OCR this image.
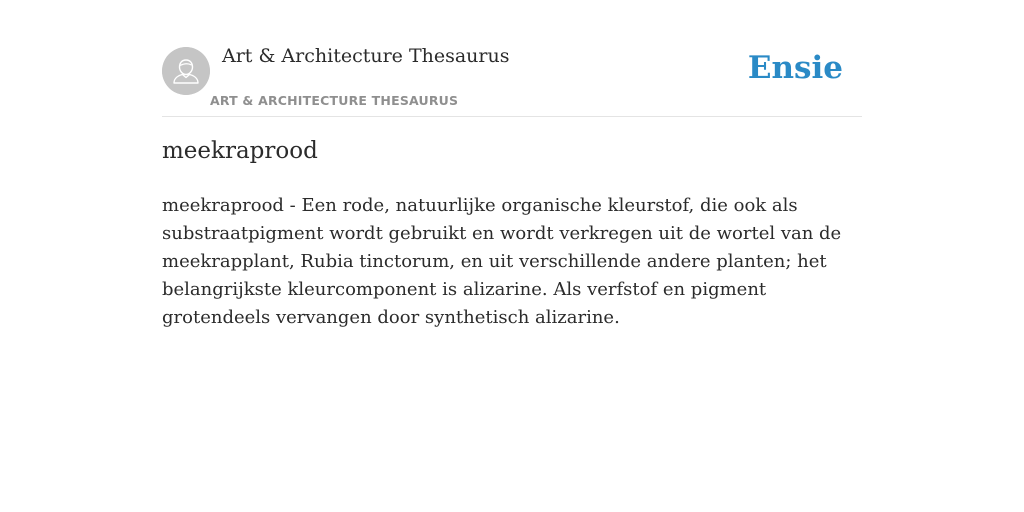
Art & Architecture Thesaurus
ART & ARCHITECTURE THESAURUS
Ensie
meekraprood

meekraprood - Een rode, natuurlijke organische kleurstof, die ook als substraatpigment wordt gebruikt en wordt verkregen uit de wortel van de meekrapplant, Rubia tinctorum, en uit verschillende andere planten; het belangrijkste kleurcomponent is alizarine. Als verfstof en pigment grotendeels vervangen door synthetisch alizarine.
